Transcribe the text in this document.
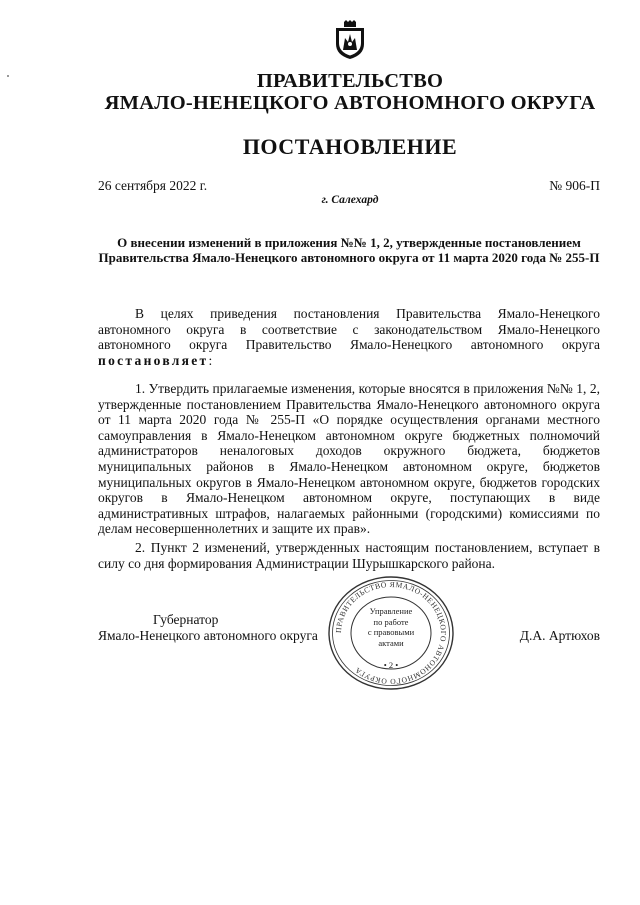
ПРАВИТЕЛЬСТВО
ЯМАЛО-НЕНЕЦКОГО АВТОНОМНОГО ОКРУГА
ПОСТАНОВЛЕНИЕ
26 сентября 2022 г.	№ 906-П
г. Салехард
О внесении изменений в приложения №№ 1, 2, утвержденные постановлением Правительства Ямало-Ненецкого автономного округа от 11 марта 2020 года № 255-П
В целях приведения постановления Правительства Ямало-Ненецкого автономного округа в соответствие с законодательством Ямало-Ненецкого автономного округа Правительство Ямало-Ненецкого автономного округа постановляет:
1. Утвердить прилагаемые изменения, которые вносятся в приложения №№ 1, 2, утвержденные постановлением Правительства Ямало-Ненецкого автономного округа от 11 марта 2020 года № 255-П «О порядке осуществления органами местного самоуправления в Ямало-Ненецком автономном округе бюджетных полномочий администраторов неналоговых доходов окружного бюджета, бюджетов муниципальных районов в Ямало-Ненецком автономном округе, бюджетов муниципальных округов в Ямало-Ненецком автономном округе, бюджетов городских округов в Ямало-Ненецком автономном округе, поступающих в виде административных штрафов, налагаемых районными (городскими) комиссиями по делам несовершеннолетних и защите их прав».
2. Пункт 2 изменений, утвержденных настоящим постановлением, вступает в силу со дня формирования Администрации Шурышкарского района.
Губернатор
Ямало-Ненецкого автономного округа	Д.А. Артюхов
ПРАВИТЕЛЬСТВО ЯМАЛО-НЕНЕЦКОГО АВТОНОМНОГО ОКРУГА
Управление
по работе
с правовыми
актами
• 2 •
